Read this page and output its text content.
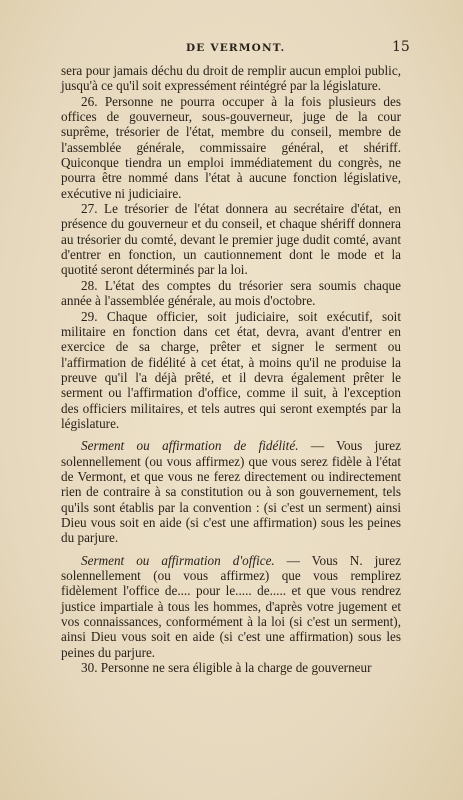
DE VERMONT.	15

sera pour jamais déchu du droit de remplir aucun emploi public, jusqu'à ce qu'il soit expressément réintégré par la législature.

26. Personne ne pourra occuper à la fois plusieurs des offices de gouverneur, sous-gouverneur, juge de la cour suprême, trésorier de l'état, membre du conseil, membre de l'assemblée générale, commissaire général, et shériff. Quiconque tiendra un emploi immédiatement du congrès, ne pourra être nommé dans l'état à aucune fonction législative, exécutive ni judiciaire.

27. Le trésorier de l'état donnera au secrétaire d'état, en présence du gouverneur et du conseil, et chaque shériff donnera au trésorier du comté, devant le premier juge dudit comté, avant d'entrer en fonction, un cautionnement dont le mode et la quotité seront déterminés par la loi.

28. L'état des comptes du trésorier sera soumis chaque année à l'assemblée générale, au mois d'octobre.

29. Chaque officier, soit judiciaire, soit exécutif, soit militaire en fonction dans cet état, devra, avant d'entrer en exercice de sa charge, prêter et signer le serment ou l'affirmation de fidélité à cet état, à moins qu'il ne produise la preuve qu'il l'a déjà prêté, et il devra également prêter le serment ou l'affirmation d'office, comme il suit, à l'exception des officiers militaires, et tels autres qui seront exemptés par la législature.

Serment ou affirmation de fidélité. — Vous jurez solennellement (ou vous affirmez) que vous serez fidèle à l'état de Vermont, et que vous ne ferez directement ou indirectement rien de contraire à sa constitution ou à son gouvernement, tels qu'ils sont établis par la convention : (si c'est un serment) ainsi Dieu vous soit en aide (si c'est une affirmation) sous les peines du parjure.

Serment ou affirmation d'office. — Vous N. jurez solennellement (ou vous affirmez) que vous remplirez fidèlement l'office de.... pour le..... de..... et que vous rendrez justice impartiale à tous les hommes, d'après votre jugement et vos connaissances, conformément à la loi (si c'est un serment), ainsi Dieu vous soit en aide (si c'est une affirmation) sous les peines du parjure.

30. Personne ne sera éligible à la charge de gouverneur
